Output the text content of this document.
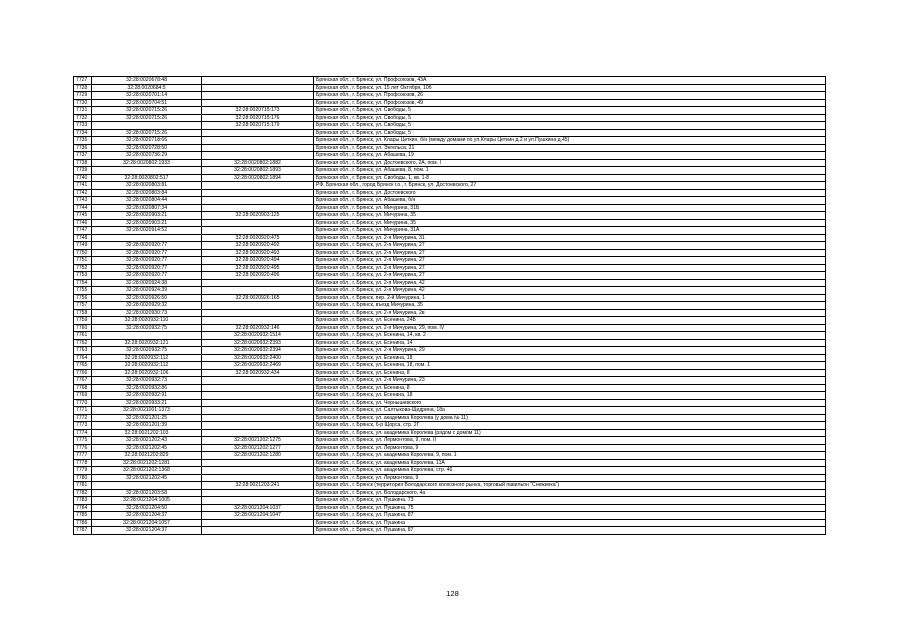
7727	32:28:0020678:48		Брянская обл., г. Брянск, ул. Профсоюзов, 43А
7728	32:28:0020684:5		Брянская обл., г. Брянск, ул. 15 лет Октября, 10б
7729	32:28:0020701:14		Брянская обл., г. Брянск, ул. Профсоюзов, 26
7730	32:28:0020704:51		Брянская обл., г. Брянск, ул. Профсоюзов, 49
7731	32:28:0020715:26	32:28:0020715:173	Брянская обл., г. Брянск, ул. Свободы, 5
7732	32:28:0020715:26	32:28:0020715:176	Брянская обл., г. Брянск, ул. Свободы, 5
7733		32:28:0020715:179	Брянская обл., г. Брянск, ул. Свободы, 5
7734	32:28:0020715:26		Брянская обл., г. Брянск, ул. Свободы, 5
7735	32:28:0020718:66		Брянская обл., г. Брянск, ул. Клары Цеткин, б/н (между домами по ул.Клары Цеткин д.2 и ул.Пушкина д.45)
7736	32:28:0020728:50		Брянская обл., г. Брянск, ул. Энгельса, 21
7737	32:28:0020736:29		Брянская обл., г. Брянск, ул. Абашева, 19
7738	32:28:0020802:1933	32:28:0020802:1882	Брянская обл., г. Брянск, ул. Достоевского, 2А, пом. I
7739		32:28:0020802:1893	Брянская обл., г. Брянск, ул. Абашева, 8, пом. 1
7740	32:28:0020802:517	32:28:0020802:1894	Брянская обл., г. Брянск, ул. Свободы, 1, кв. 1-8
7741	32:28:0020803:81		РФ, Брянская обл., город Брянск г.о., г. Брянск, ул. Достоевского, 27
7742	32:28:0020803:84		Брянская обл., г. Брянск, ул. Достоевского
7743	32:28:0020804:44		Брянская обл., г. Брянск, ул. Абашева, б/н
7744	32:28:0020807:34		Брянская обл., г. Брянск, ул. Мичурина, 31Б
7745	32:28:0020903:21	32:28:0020903:125	Брянская обл., г. Брянск, ул. Мичурина, 35
7746	32:28:0020903:21		Брянская обл., г. Брянск, ул. Мичурина, 35
7747	32:28:0020914:52		Брянская обл., г. Брянск, ул. Мичурина, 31А
7748		32:28:0020920:475	Брянская обл., г. Брянск, ул. 2-я Мичурина, 31
7749	32:28:0020920:77	32:28:0020920:492	Брянская обл., г. Брянск, ул. 2-я Мичурина, 27
7750	32:28:0020920:77	32:28:0020920:493	Брянская обл., г. Брянск, ул. 2-я Мичурина, 27
7751	32:28:0020920:77	32:28:0020920:494	Брянская обл., г. Брянск, ул. 2-я Мичурина, 27
7752	32:28:0020920:77	32:28:0020920:495	Брянская обл., г. Брянск, ул. 2-я Мичурина, 27
7753	32:28:0020920:77	32:28:0020920:496	Брянская обл., г. Брянск, ул. 2-я Мичурина, 27
7754	32:28:0020924:38		Брянская обл., г. Брянск, ул. 2-я Мичурина, 42
7755	32:28:0020924:39		Брянская обл., г. Брянск, ул. 2-я Мичурина, 42
7756	32:28:0020926:50	32:28:0020926:165	Брянская обл., г. Брянск, пер. 2-й Мичурина, 1
7757	32:28:0020929:32		Брянская обл., г. Брянск, въезд Мичурина, 35
7758	32:28:0020930:73		Брянская обл., г. Брянск, ул. 2-я Мичурина, 2в
7759	32:28:0020932:110		Брянская обл., г. Брянск, ул. Есенина, 24Б
7760	32:28:0020932:75	32:28:0020932:146	Брянская обл., г. Брянск, ул. 2-я Мичурина, 29, пом. IV
7761		32:28:0020932:1514	Брянская обл., г. Брянск, ул. Есенина, 14, кв. 2
7762	32:28:0020932:121	32:28:0020932:2393	Брянская обл., г. Брянск, ул. Есенина, 14
7763	32:28:0020932:75	32:28:0020932:2394	Брянская обл., г. Брянск, ул. 2-я Мичурина, 29
7764	32:28:0020932:112	32:28:0020932:2400	Брянская обл., г. Брянск, ул. Есенина, 18
7765	32:28:0020932:112	32:28:0020932:2469	Брянская обл., г. Брянск, ул. Есенина, 18, пом. 1
7766	32:28:0020932:106	32:28:0020932:434	Брянская обл., г. Брянск, ул. Есенина, 8
7767	32:28:0020932:73		Брянская обл., г. Брянск, ул. 2-я Мичурина, 23
7768	32:28:0020932:86		Брянская обл., г. Брянск, ул. Есенина, 8
7769	32:28:0020932:91		Брянская обл., г. Брянск, ул. Есенина, 18
7770	32:28:0020933:21		Брянская обл., г. Брянск, ул. Чернышевского
7771	32:28:0021001:1373		Брянская обл., г. Брянск, ул. Салтыкова-Щедрина, 18а
7772	32:28:0021201:25		Брянская обл., г. Брянск, ул. академика Королева (у дома № 11)
7773	32:28:0021201:39		Брянская обл., г. Брянск, б-р Щорса, стр. 2Г
7774	32:28:0021202:103		Брянская обл., г. Брянск, ул. академика Королева (рядом с домом 11)
7775	32:28:0021202:43	32:28:0021202:1275	Брянская обл., г. Брянск, ул. Лермонтова, 9, пом. II
7776	32:28:0021202:45	32:28:0021202:1277	Брянская обл., г. Брянск, ул. Лермонтова, 9
7777	32:28:0021202:829	32:28:0021202:1280	Брянская обл., г. Брянск, ул. академика Королева, 9, пом. 1
7778	32:28:0021202:1281		Брянская обл., г. Брянск, ул. академика Королева, 11А
7779	32:28:0021202:1368		Брянская обл., г. Брянск, ул. академика Королева, стр. 46
7780	32:28:0021202:45		Брянская обл., г. Брянск, ул. Лермонтова, 9
7781		32:28:0021203:241	Брянская обл., г. Брянск (территория Володарского колхозного рынка, торговый павильон "Снежинка")
7782	32:28:0021203:58		Брянская обл., г. Брянск, ул. Володарского, 4а
7783	32:28:0021204:1005		Брянская обл., г. Брянск, ул. Пушкина, 73
7784	32:28:0021204:50	32:28:0021204:1037	Брянская обл., г. Брянск, ул. Пушкина, 75
7785	32:28:0021204:37	32:28:0021204:1047	Брянская обл., г. Брянск, ул. Пушкина, 87
7786	32:28:0021204:1057		Брянская обл., г. Брянск, ул. Пушкина
7787	32:28:0021204:37		Брянская обл., г. Брянск, ул. Пушкина, 87
128
